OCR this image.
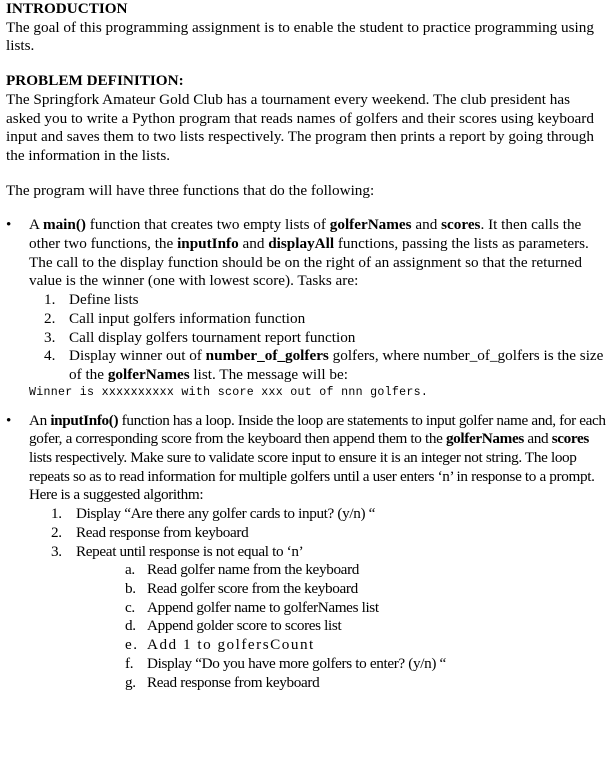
INTRODUCTION
The goal of this programming assignment is to enable the student to practice programming using lists.
PROBLEM DEFINITION:
The Springfork Amateur Gold Club has a tournament every weekend. The club president has asked you to write a Python program that reads names of golfers and their scores using keyboard input and saves them to two lists respectively. The program then prints a report by going through the information in the lists.
The program will have three functions that do the following:
•	A main() function that creates two empty lists of golferNames and scores. It then calls the other two functions, the inputInfo and displayAll functions, passing the lists as parameters. The call to the display function should be on the right of an assignment so that the returned value is the winner (one with lowest score). Tasks are:
1. Define lists
2. Call input golfers information function
3. Call display golfers tournament report function
4. Display winner out of number_of_golfers golfers, where number_of_golfers is the size of the golferNames list. The message will be:
Winner is xxxxxxxxxx with score xxx out of nnn golfers.
•	An inputInfo() function has a loop. Inside the loop are statements to input golfer name and, for each gofer, a corresponding score from the keyboard then append them to the golferNames and scores lists respectively. Make sure to validate score input to ensure it is an integer not string. The loop repeats so as to read information for multiple golfers until a user enters ‘n’ in response to a prompt. Here is a suggested algorithm:
1. Display “Are there any golfer cards to input? (y/n) “
2. Read response from keyboard
3. Repeat until response is not equal to ‘n’
a. Read golfer name from the keyboard
b. Read golfer score from the keyboard
c. Append golfer name to golferNames list
d. Append golder score to scores list
e. Add 1 to golfersCount
f. Display “Do you have more golfers to enter? (y/n) “
g. Read response from keyboard
